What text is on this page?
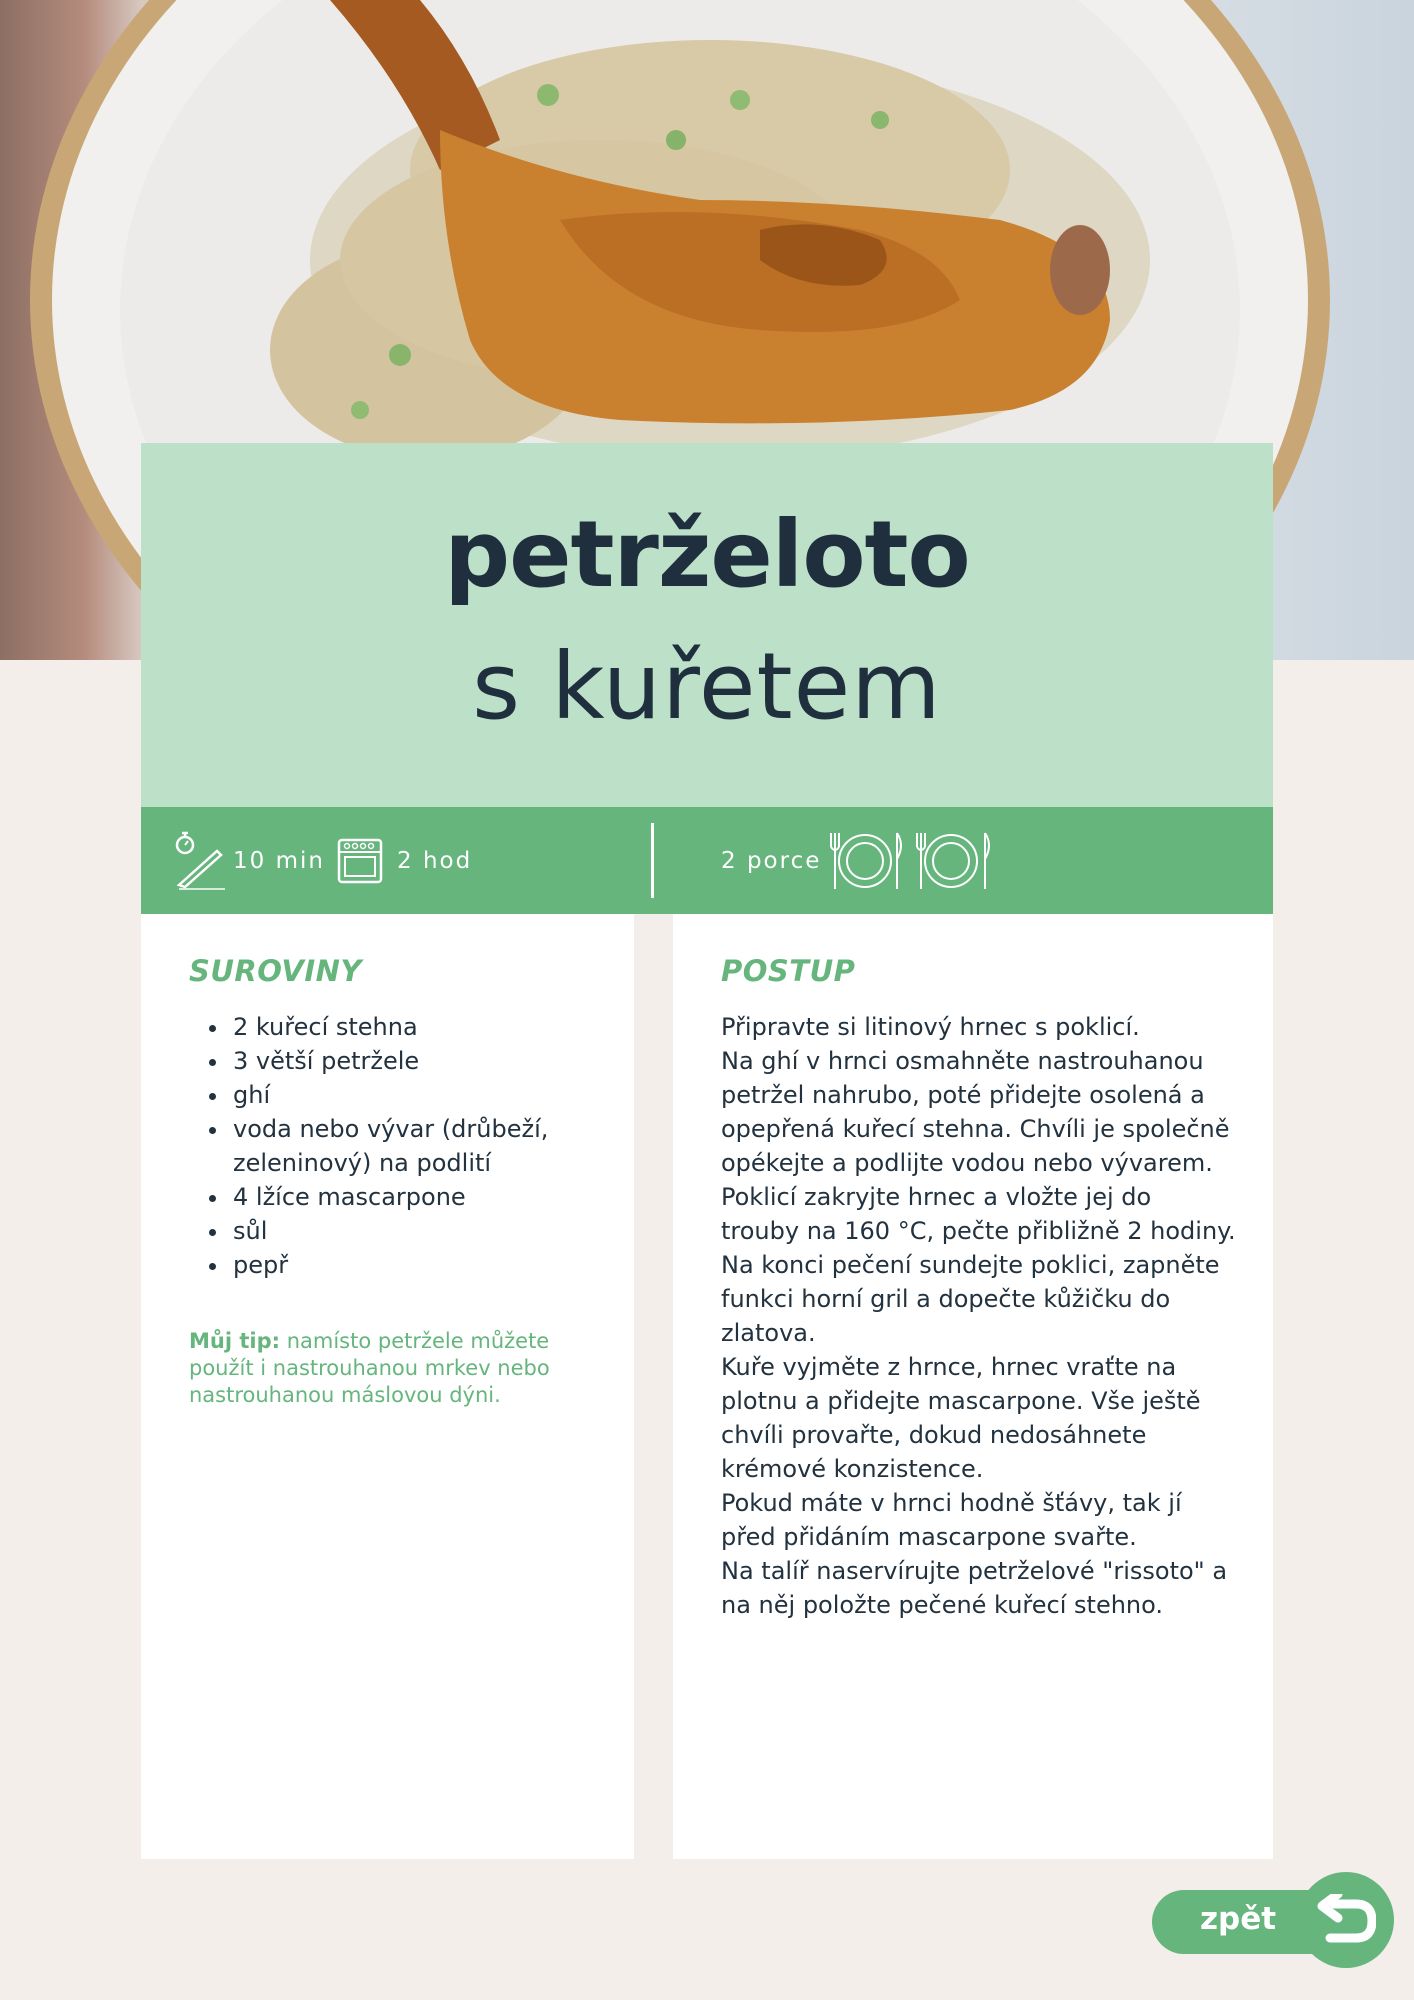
petrželoto
s kuřetem
10 min	2 hod	2 porce
SUROVINY
2 kuřecí stehna
3 větší petržele
ghí
voda nebo vývar (drůbeží, zeleninový) na podlití
4 lžíce mascarpone
sůl
pepř
Můj tip: namísto petržele můžete použít i nastrouhanou mrkev nebo nastrouhanou máslovou dýni.
POSTUP

Připravte si litinový hrnec s poklicí.

Na ghí v hrnci osmahněte nastrouhanou petržel nahrubo, poté přidejte osolená a opepřená kuřecí stehna. Chvíli je společně opékejte a podlijte vodou nebo vývarem.

Poklicí zakryjte hrnec a vložte jej do trouby na 160 °C, pečte přibližně 2 hodiny. Na konci pečení sundejte poklici, zapněte funkci horní gril a dopečte kůžičku do zlatova.

Kuře vyjměte z hrnce, hrnec vraťte na plotnu a přidejte mascarpone. Vše ještě chvíli provařte, dokud nedosáhnete krémové konzistence.

Pokud máte v hrnci hodně šťávy, tak jí před přidáním mascarpone svařte.

Na talíř naservírujte petrželové "rissoto" a na něj položte pečené kuřecí stehno.

zpět
